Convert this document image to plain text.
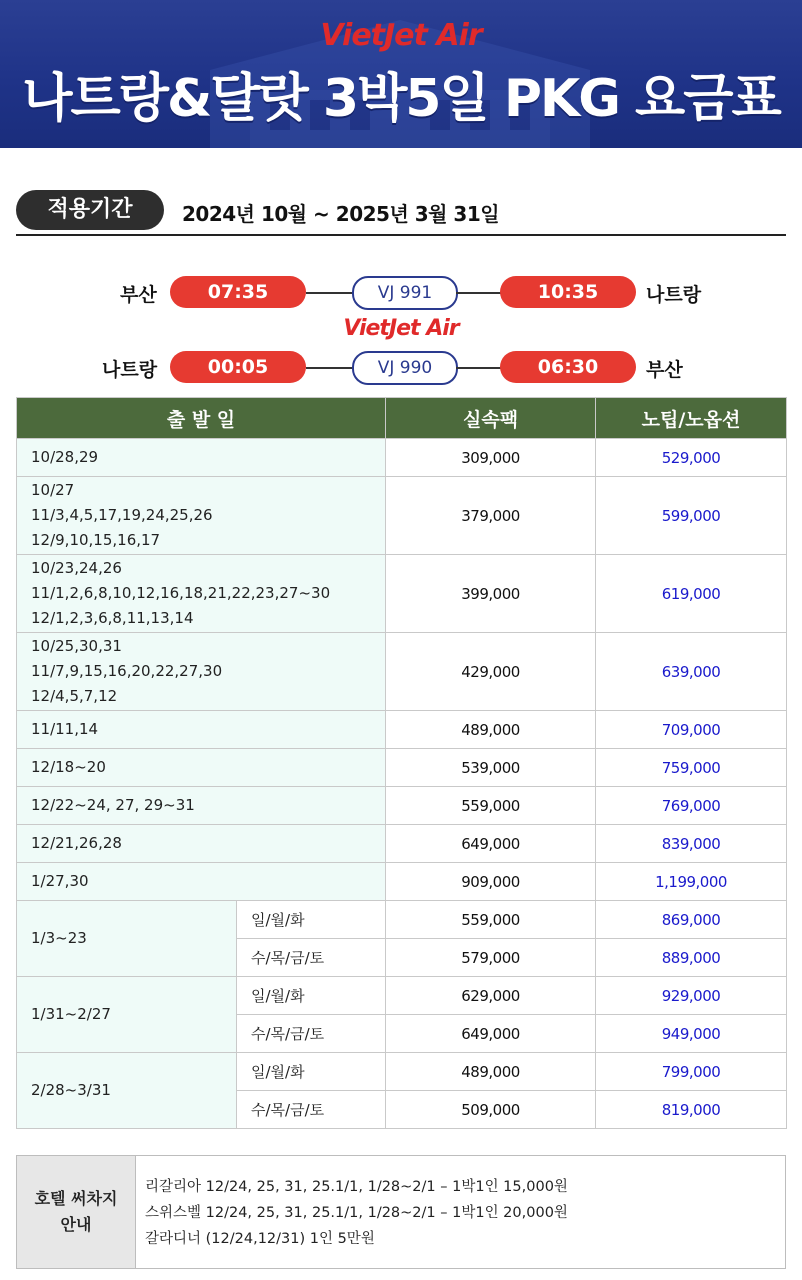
VietJet Air
나트랑&달랏 3박5일 PKG 요금표
적용기간	2024년 10월 ~ 2025년 3월 31일
부산	07:35	VJ 991	10:35	나트랑
VietJet Air
나트랑	00:05	VJ 990	06:30	부산
출 발 일		실속팩	노팁/노옵션

10/28,29		309,000	529,000

10/27
11/3,4,5,17,19,24,25,26
12/9,10,15,16,17		379,000	599,000

10/23,24,26
11/1,2,6,8,10,12,16,18,21,22,23,27~30
12/1,2,3,6,8,11,13,14		399,000	619,000

10/25,30,31
11/7,9,15,16,20,22,27,30
12/4,5,7,12		429,000	639,000

11/11,14		489,000	709,000

12/18~20		539,000	759,000

12/22~24, 27, 29~31		559,000	769,000

12/21,26,28		649,000	839,000

1/27,30		909,000	1,199,000
1/3~23	일/월/화	559,000	869,000
	수/목/금/토	579,000	889,000
1/31~2/27	일/월/화	629,000	929,000
	수/목/금/토	649,000	949,000
2/28~3/31	일/월/화	489,000	799,000
	수/목/금/토	509,000	819,000
호텔 써차지
안내
리갈리아 12/24, 25, 31, 25.1/1, 1/28~2/1 – 1박1인 15,000원
스위스벨 12/24, 25, 31, 25.1/1, 1/28~2/1 – 1박1인 20,000원
갈라디너 (12/24,12/31) 1인 5만원
